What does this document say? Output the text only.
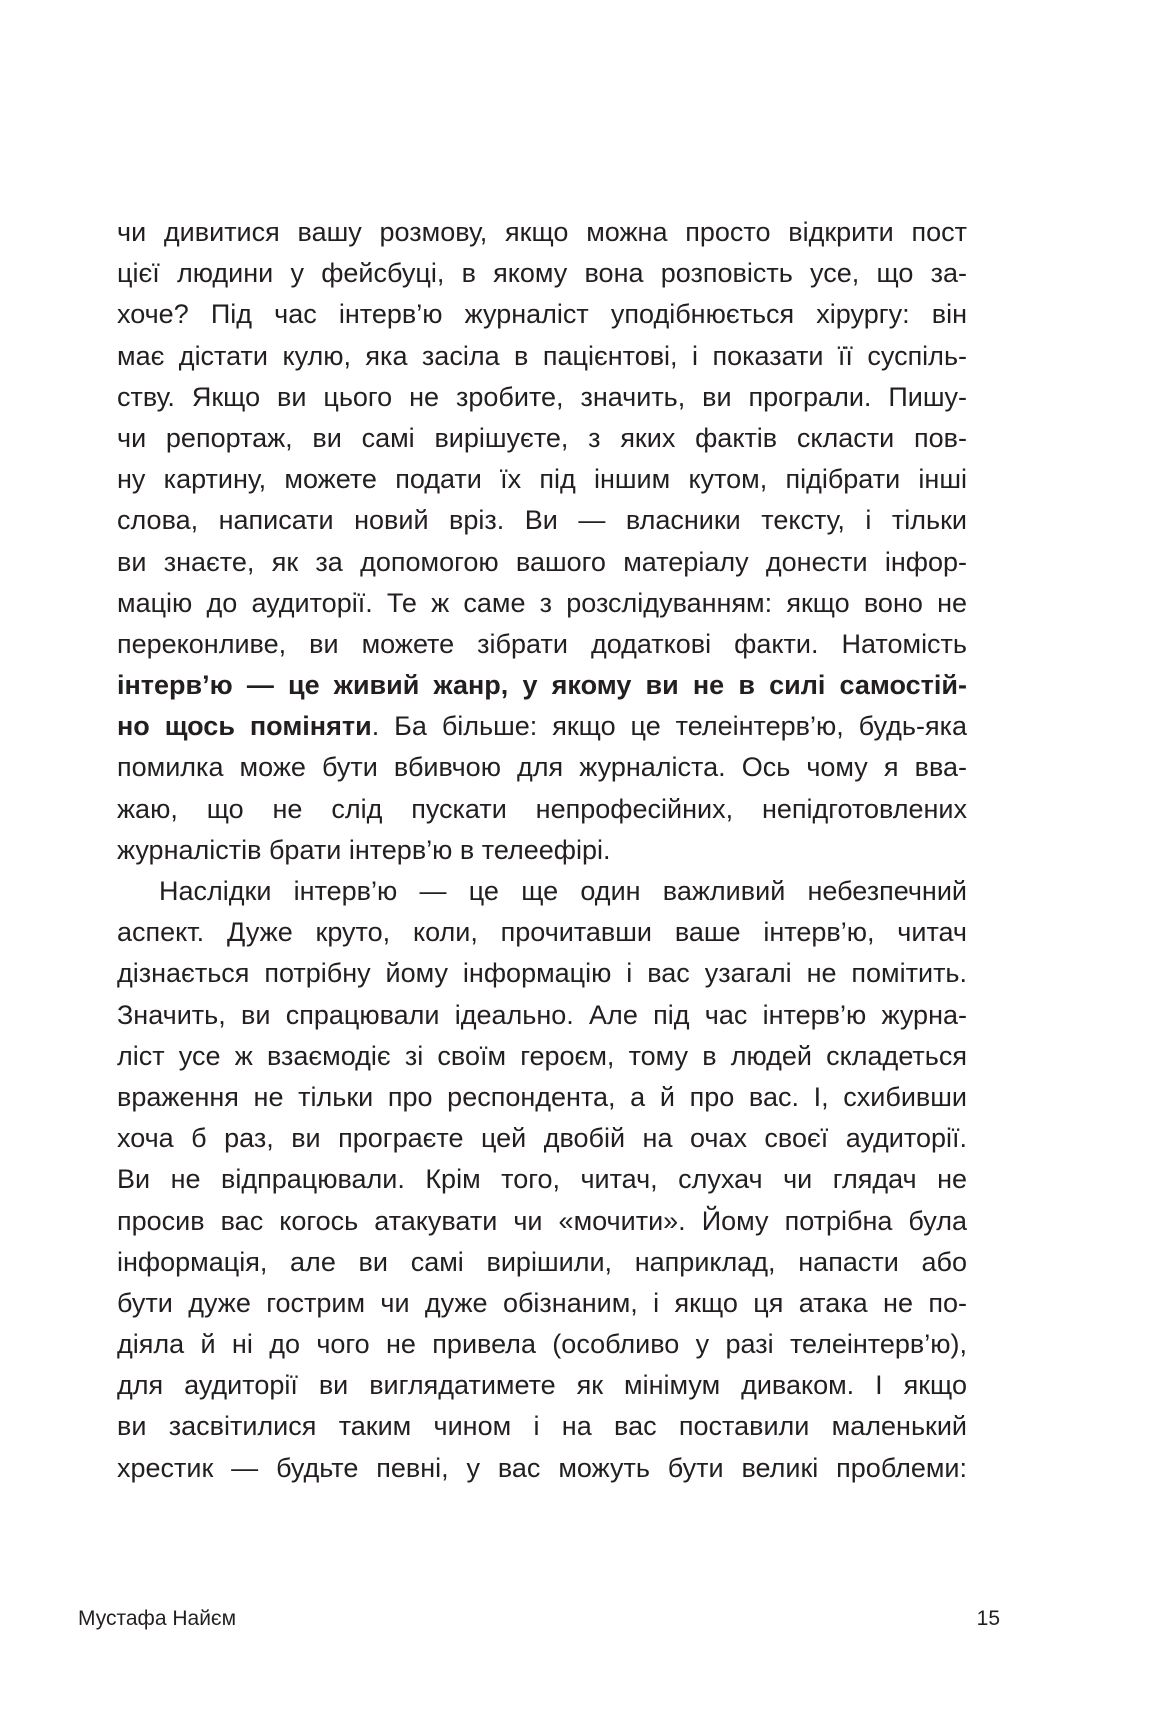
чи дивитися вашу розмову, якщо можна просто відкрити пост
цієї людини у фейсбуці, в якому вона розповість усе, що за-
хоче? Під час інтерв’ю журналіст уподібнюється хірургу: він
має дістати кулю, яка засіла в пацієнтові, і показати її суспіль-
ству. Якщо ви цього не зробите, значить, ви програли. Пишу-
чи репортаж, ви самі вирішуєте, з яких фактів скласти пов-
ну картину, можете подати їх під іншим кутом, підібрати інші
слова, написати новий вріз. Ви — власники тексту, і тільки
ви знаєте, як за допомогою вашого матеріалу донести інфор-
мацію до аудиторії. Те ж саме з розслідуванням: якщо воно не
переконливе, ви можете зібрати додаткові факти. Натомість
інтерв’ю — це живий жанр, у якому ви не в силі самостій-
но щось поміняти. Ба більше: якщо це телеінтерв’ю, будь-яка
помилка може бути вбивчою для журналіста. Ось чому я вва-
жаю, що не слід пускати непрофесійних, непідготовлених
журналістів брати інтерв’ю в телеефірі.
Наслідки інтерв’ю — це ще один важливий небезпечний
аспект. Дуже круто, коли, прочитавши ваше інтерв’ю, читач
дізнається потрібну йому інформацію і вас узагалі не помітить.
Значить, ви спрацювали ідеально. Але під час інтерв’ю журна-
ліст усе ж взаємодіє зі своїм героєм, тому в людей складеться
враження не тільки про респондента, а й про вас. І, схибивши
хоча б раз, ви програєте цей двобій на очах своєї аудиторії.
Ви не відпрацювали. Крім того, читач, слухач чи глядач не
просив вас когось атакувати чи «мочити». Йому потрібна була
інформація, але ви самі вирішили, наприклад, напасти або
бути дуже гострим чи дуже обізнаним, і якщо ця атака не по-
діяла й ні до чого не привела (особливо у разі телеінтерв’ю),
для аудиторії ви виглядатимете як мінімум диваком. І якщо
ви засвітилися таким чином і на вас поставили маленький
хрестик — будьте певні, у вас можуть бути великі проблеми:
Мустафа Найєм	15
